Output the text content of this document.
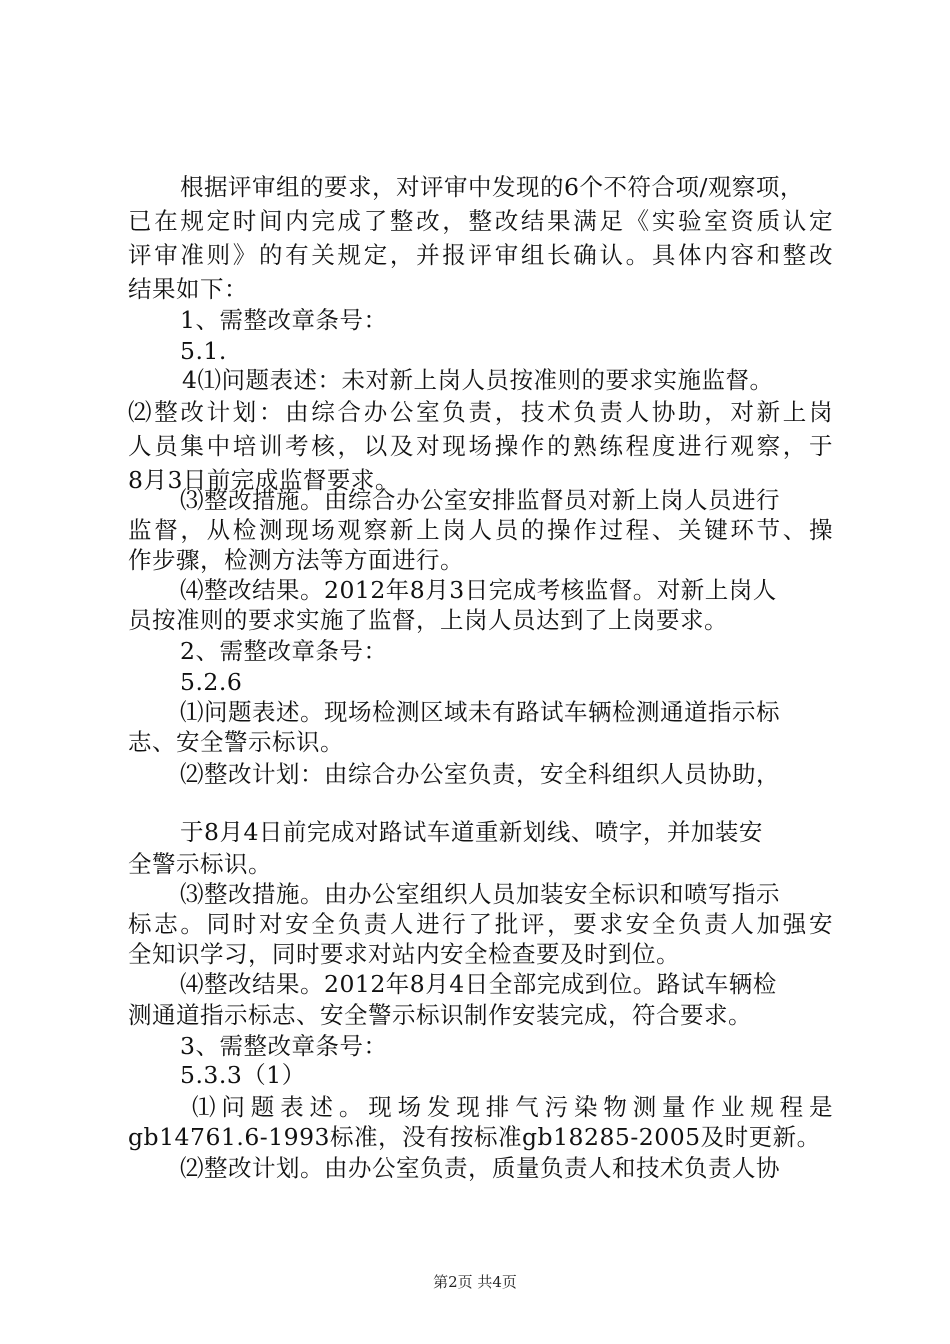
根据评审组的要求，对评审中发现的6个不符合项/观察项，
已在规定时间内完成了整改，整改结果满足《实验室资质认定
评审准则》的有关规定，并报评审组长确认。具体内容和整改
结果如下：
1、需整改章条号：
5.1.
4⑴问题表述：未对新上岗人员按准则的要求实施监督。
⑵整改计划：由综合办公室负责，技术负责人协助，对新上岗
人员集中培训考核，以及对现场操作的熟练程度进行观察，于
8月3日前完成监督要求。
⑶整改措施。由综合办公室安排监督员对新上岗人员进行
监督，从检测现场观察新上岗人员的操作过程、关键环节、操
作步骤，检测方法等方面进行。
⑷整改结果。2012年8月3日完成考核监督。对新上岗人
员按准则的要求实施了监督，上岗人员达到了上岗要求。
2、需整改章条号：
5.2.6
⑴问题表述。现场检测区域未有路试车辆检测通道指示标
志、安全警示标识。
⑵整改计划：由综合办公室负责，安全科组织人员协助，
于8月4日前完成对路试车道重新划线、喷字，并加装安
全警示标识。
⑶整改措施。由办公室组织人员加装安全标识和喷写指示
标志。同时对安全负责人进行了批评，要求安全负责人加强安
全知识学习，同时要求对站内安全检查要及时到位。
⑷整改结果。2012年8月4日全部完成到位。路试车辆检
测通道指示标志、安全警示标识制作安装完成，符合要求。
3、需整改章条号：
5.3.3（1）
⑴问题表述。现场发现排气污染物测量作业规程是
gb14761.6-1993标准，没有按标准gb18285-2005及时更新。
⑵整改计划。由办公室负责，质量负责人和技术负责人协
第2页 共4页
